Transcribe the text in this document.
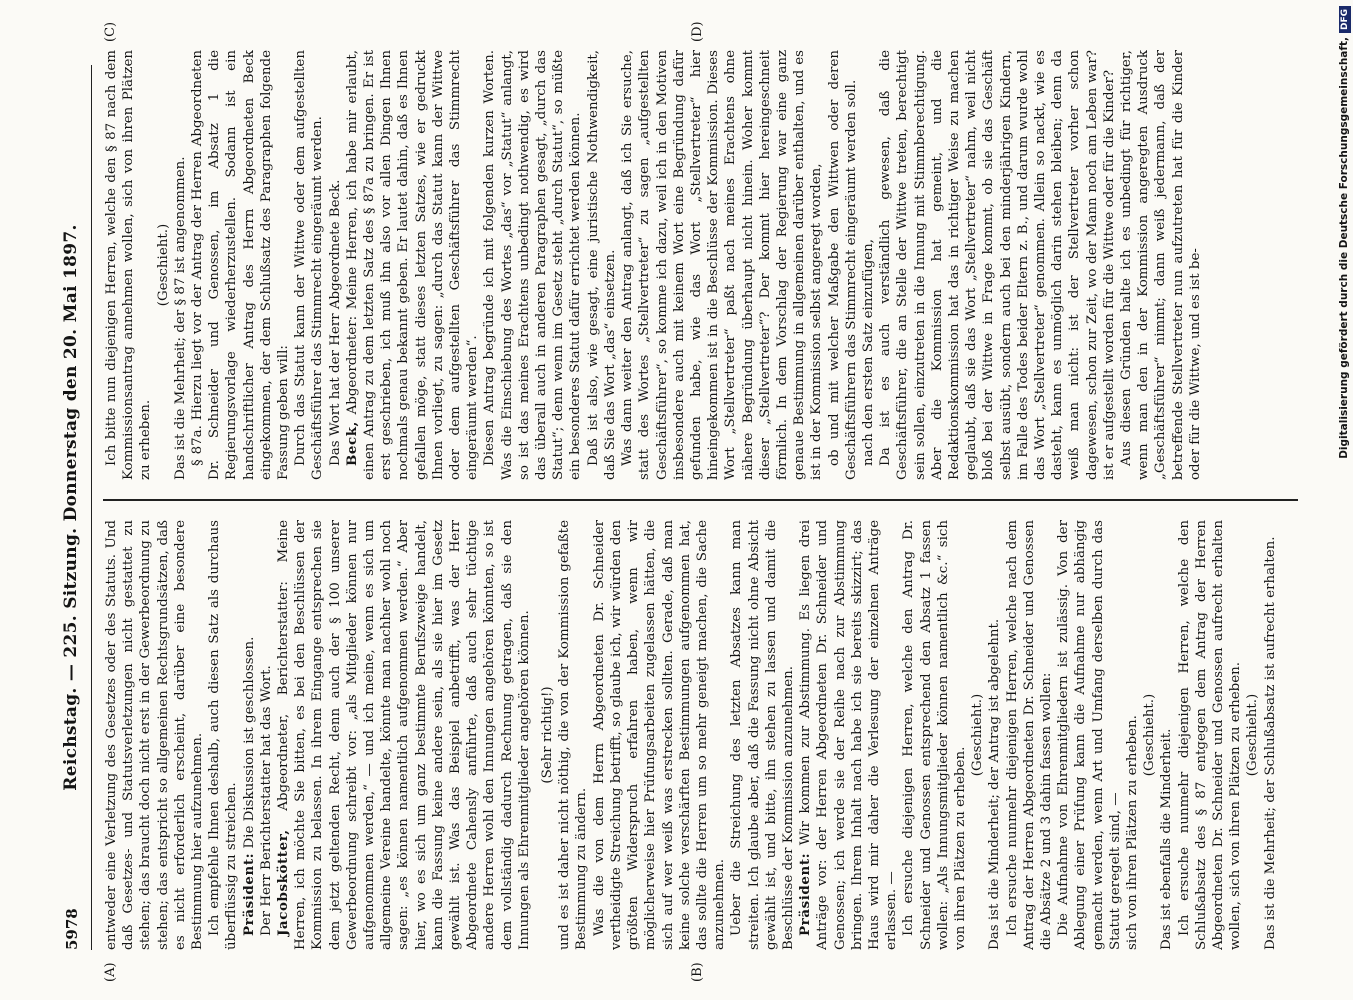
5978
Reichstag. — 225. Sitzung. Donnerstag den 20. Mai 1897.
(A)	(B)
(C)	(D)

entweder eine Verletzung des Gesetzes oder des Statuts. Und daß Gesetzes- und Statutsverletzungen nicht gestattet zu stehen; das braucht doch nicht erst in der Gewerbeordnung zu stehen; das entspricht so allgemeinen Rechtsgrundsätzen, daß es nicht erforderlich erscheint, darüber eine besondere Bestimmung hier aufzunehmen. Ich empfehle Ihnen deshalb, auch diesen Satz als durchaus überflüssig zu streichen. Präsident: Die Diskussion ist geschlossen. Der Herr Berichterstatter hat das Wort. Jacobskötter, Abgeordneter, Berichterstatter: Meine Herren, ich möchte Sie bitten, es bei den Beschlüssen der Kommission zu belassen. In ihrem Eingange entsprechen sie dem jetzt geltenden Recht, denn auch der § 100 unserer Gewerbeordnung schreibt vor: „als Mitglieder können nur aufgenommen werden,“ — und ich meine, wenn es sich um allgemeine Vereine handelte, könnte man nachher wohl noch sagen: „es können namentlich aufgenommen werden.“ Aber hier, wo es sich um ganz bestimmte Berufszweige handelt, kann die Fassung keine andere sein, als sie hier im Gesetz gewählt ist. Was das Beispiel anbetrifft, was der Herr Abgeordnete Cahensly anführte, daß auch sehr tüchtige andere Herren wohl den Innungen angehören könnten, so ist dem vollständig dadurch Rechnung getragen, daß sie den Innungen als Ehrenmitglieder angehören können. (Sehr richtig!) und es ist daher nicht nöthig, die von der Kommission gefaßte Bestimmung zu ändern. Was die von dem Herrn Abgeordneten Dr. Schneider vertheidigte Streichung betrifft, so glaube ich, wir würden den größten Widerspruch erfahren haben, wenn wir möglicherweise hier Prüfungsarbeiten zugelassen hätten, die sich auf wer weiß was erstrecken sollten. Gerade, daß man keine solche verschärften Bestimmungen aufgenommen hat, das sollte die Herren um so mehr geneigt machen, die Sache anzunehmen. Ueber die Streichung des letzten Absatzes kann man streiten. Ich glaube aber, daß die Fassung nicht ohne Absicht gewählt ist, und bitte, ihn stehen zu lassen und damit die Beschlüsse der Kommission anzunehmen. Präsident: Wir kommen zur Abstimmung. Es liegen drei Anträge vor: der Herren Abgeordneten Dr. Schneider und Genossen; ich werde sie der Reihe nach zur Abstimmung bringen. Ihrem Inhalt nach habe ich sie bereits skizzirt; das Haus wird mir daher die Verlesung der einzelnen Anträge erlassen. — Ich ersuche diejenigen Herren, welche den Antrag Dr. Schneider und Genossen entsprechend den Absatz 1 fassen wollen: „Als Innungsmitglieder können namentlich &c.“ sich von ihren Plätzen zu erheben.

(Geschieht.) Das ist die Minderheit; der Antrag ist abgelehnt. Ich ersuche nunmehr diejenigen Herren, welche nach dem Antrag der Herren Abgeordneten Dr. Schneider und Genossen die Absätze 2 und 3 dahin fassen wollen: Die Aufnahme von Ehrenmitgliedern ist zulässig. Von der Ablegung einer Prüfung kann die Aufnahme nur abhängig gemacht werden, wenn Art und Umfang derselben durch das Statut geregelt sind, — sich von ihren Plätzen zu erheben. (Geschieht.) Das ist ebenfalls die Minderheit. Ich ersuche nunmehr diejenigen Herren, welche den Schlußabsatz des § 87 entgegen dem Antrag der Herren Abgeordneten Dr. Schneider und Genossen aufrecht erhalten wollen, sich von ihren Plätzen zu erheben. (Geschieht.) Das ist die Mehrheit; der Schlußabsatz ist aufrecht erhalten.

Ich bitte nun diejenigen Herren, welche den § 87 nach dem Kommissionsantrag annehmen wollen, sich von ihren Plätzen zu erheben.

(Geschieht.) Das ist die Mehrheit; der § 87 ist angenommen. § 87a. Hierzu liegt vor der Antrag der Herren Abgeordneten Dr. Schneider und Genossen, im Absatz 1 die Regierungsvorlage wiederherzustellen. Sodann ist ein handschriftlicher Antrag des Herrn Abgeordneten Beck eingekommen, der dem Schlußsatz des Paragraphen folgende Fassung geben will: Durch das Statut kann der Wittwe oder dem aufgestellten Geschäftsführer das Stimmrecht eingeräumt werden. Das Wort hat der Herr Abgeordnete Beck. Beck, Abgeordneter: Meine Herren, ich habe mir erlaubt, einen Antrag zu dem letzten Satz des § 87a zu bringen. Er ist erst geschrieben, ich muß ihn also vor allen Dingen Ihnen nochmals genau bekannt geben. Er lautet dahin, daß es Ihnen gefallen möge, statt dieses letzten Satzes, wie er gedruckt Ihnen vorliegt, zu sagen: „durch das Statut kann der Wittwe oder dem aufgestellten Geschäftsführer das Stimmrecht eingeräumt werden“. Diesen Antrag begründe ich mit folgenden kurzen Worten. Was die Einschiebung des Wortes „das“ vor „Statut“ anlangt, so ist das meines Erachtens unbedingt nothwendig, es wird das überall auch in anderen Paragraphen gesagt, „durch das Statut“; denn wenn im Gesetz steht „durch Statut“, so müßte ein besonderes Statut dafür errichtet werden können. Daß ist also, wie gesagt, eine juristische Nothwendigkeit, daß Sie das Wort „das“ einsetzen. Was dann weiter den Antrag anlangt, daß ich Sie ersuche, statt des Wortes „Stellvertreter“ zu sagen „aufgestellten Geschäftsführer“, so komme ich dazu, weil ich in den Motiven insbesondere auch mit keinem Wort eine Begründung dafür gefunden habe, wie das Wort „Stellvertreter“ hier hineingekommen ist in die Beschlüsse der Kommission. Dieses Wort „Stellvertreter“ paßt nach meines Erachtens ohne nähere Begründung überhaupt nicht hinein. Woher kommt dieser „Stellvertreter“? Der kommt hier hereingeschneit förmlich. In dem Vorschlag der Regierung war eine ganz genaue Bestimmung in allgemeinen darüber enthalten, und es ist in der Kommission selbst angeregt worden, ob und mit welcher Maßgabe den Wittwen oder deren Geschäftsführern das Stimmrecht eingeräumt werden soll. nach den ersten Satz einzufügen, Da ist es auch verständlich gewesen, daß die Geschäftsführer, die an Stelle der Wittwe treten, berechtigt sein sollen, einzutreten in die Innung mit Stimmberechtigung. Aber die Kommission hat gemeint, und die Redaktionskommission hat das in richtiger Weise zu machen geglaubt, daß sie das Wort „Stellvertreter“ nahm, weil nicht bloß bei der Wittwe in Frage kommt, ob sie das Geschäft selbst ausübt, sondern auch bei den minderjährigen Kindern, im Falle des Todes beider Eltern z. B., und darum wurde wohl das Wort „Stellvertreter“ genommen. Allein so nackt, wie es dasteht, kann es unmöglich darin stehen bleiben; denn da weiß man nicht: ist der Stellvertreter vorher schon dagewesen, schon zur Zeit, wo der Mann noch am Leben war? ist er aufgestellt worden für die Wittwe oder für die Kinder? Aus diesen Gründen halte ich es unbedingt für richtiger, wenn man den in der Kommission angeregten Ausdruck „Geschäftsführer“ nimmt; dann weiß jedermann, daß der betreffende Stellvertreter nun aufzutreten hat für die Kinder oder für die Wittwe, und es ist be-	Digitalisierung gefördert durch die Deutsche Forschungsgemeinschaft,DFG
